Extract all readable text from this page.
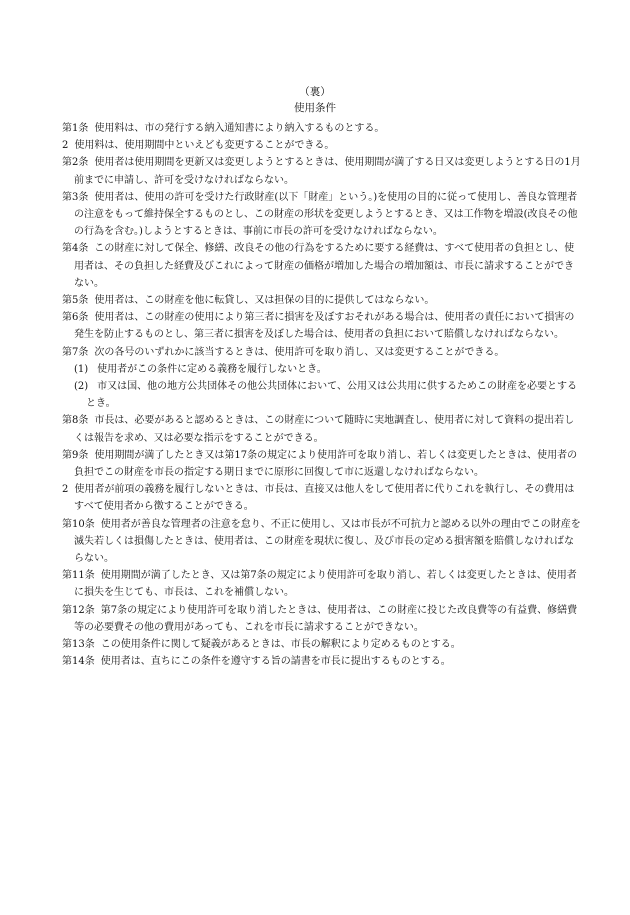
（裏）
使用条件

第1条 使用料は、市の発行する納入通知書により納入するものとする。

2 使用料は、使用期間中といえども変更することができる。

第2条 使用者は使用期間を更新又は変更しようとするときは、使用期間が満了する日又は変更しようとする日の1月前までに申請し、許可を受けなければならない。

第3条 使用者は、使用の許可を受けた行政財産(以下「財産」という。)を使用の目的に従って使用し、善良な管理者の注意をもって維持保全するものとし、この財産の形状を変更しようとするとき、又は工作物を増設(改良その他の行為を含む。)しようとするときは、事前に市長の許可を受けなければならない。

第4条 この財産に対して保全、修繕、改良その他の行為をするために要する経費は、すべて使用者の負担とし、使用者は、その負担した経費及びこれによって財産の価格が増加した場合の増加額は、市長に請求することができない。

第5条 使用者は、この財産を他に転貸し、又は担保の目的に提供してはならない。

第6条 使用者は、この財産の使用により第三者に損害を及ぼすおそれがある場合は、使用者の責任において損害の発生を防止するものとし、第三者に損害を及ぼした場合は、使用者の負担において賠償しなければならない。

第7条 次の各号のいずれかに該当するときは、使用許可を取り消し、又は変更することができる。

(1) 使用者がこの条件に定める義務を履行しないとき。

(2) 市又は国、他の地方公共団体その他公共団体において、公用又は公共用に供するためこの財産を必要とするとき。

第8条 市長は、必要があると認めるときは、この財産について随時に実地調査し、使用者に対して資料の提出若しくは報告を求め、又は必要な指示をすることができる。

第9条 使用期間が満了したとき又は第17条の規定により使用許可を取り消し、若しくは変更したときは、使用者の負担でこの財産を市長の指定する期日までに原形に回復して市に返還しなければならない。

2 使用者が前項の義務を履行しないときは、市長は、直接又は他人をして使用者に代りこれを執行し、その費用はすべて使用者から徴することができる。

第10条 使用者が善良な管理者の注意を怠り、不正に使用し、又は市長が不可抗力と認める以外の理由でこの財産を滅失若しくは損傷したときは、使用者は、この財産を現状に復し、及び市長の定める損害額を賠償しなければならない。

第11条 使用期間が満了したとき、又は第7条の規定により使用許可を取り消し、若しくは変更したときは、使用者に損失を生じても、市長は、これを補償しない。

第12条 第7条の規定により使用許可を取り消したときは、使用者は、この財産に投じた改良費等の有益費、修繕費等の必要費その他の費用があっても、これを市長に請求することができない。

第13条 この使用条件に関して疑義があるときは、市長の解釈により定めるものとする。

第14条 使用者は、直ちにこの条件を遵守する旨の請書を市長に提出するものとする。
